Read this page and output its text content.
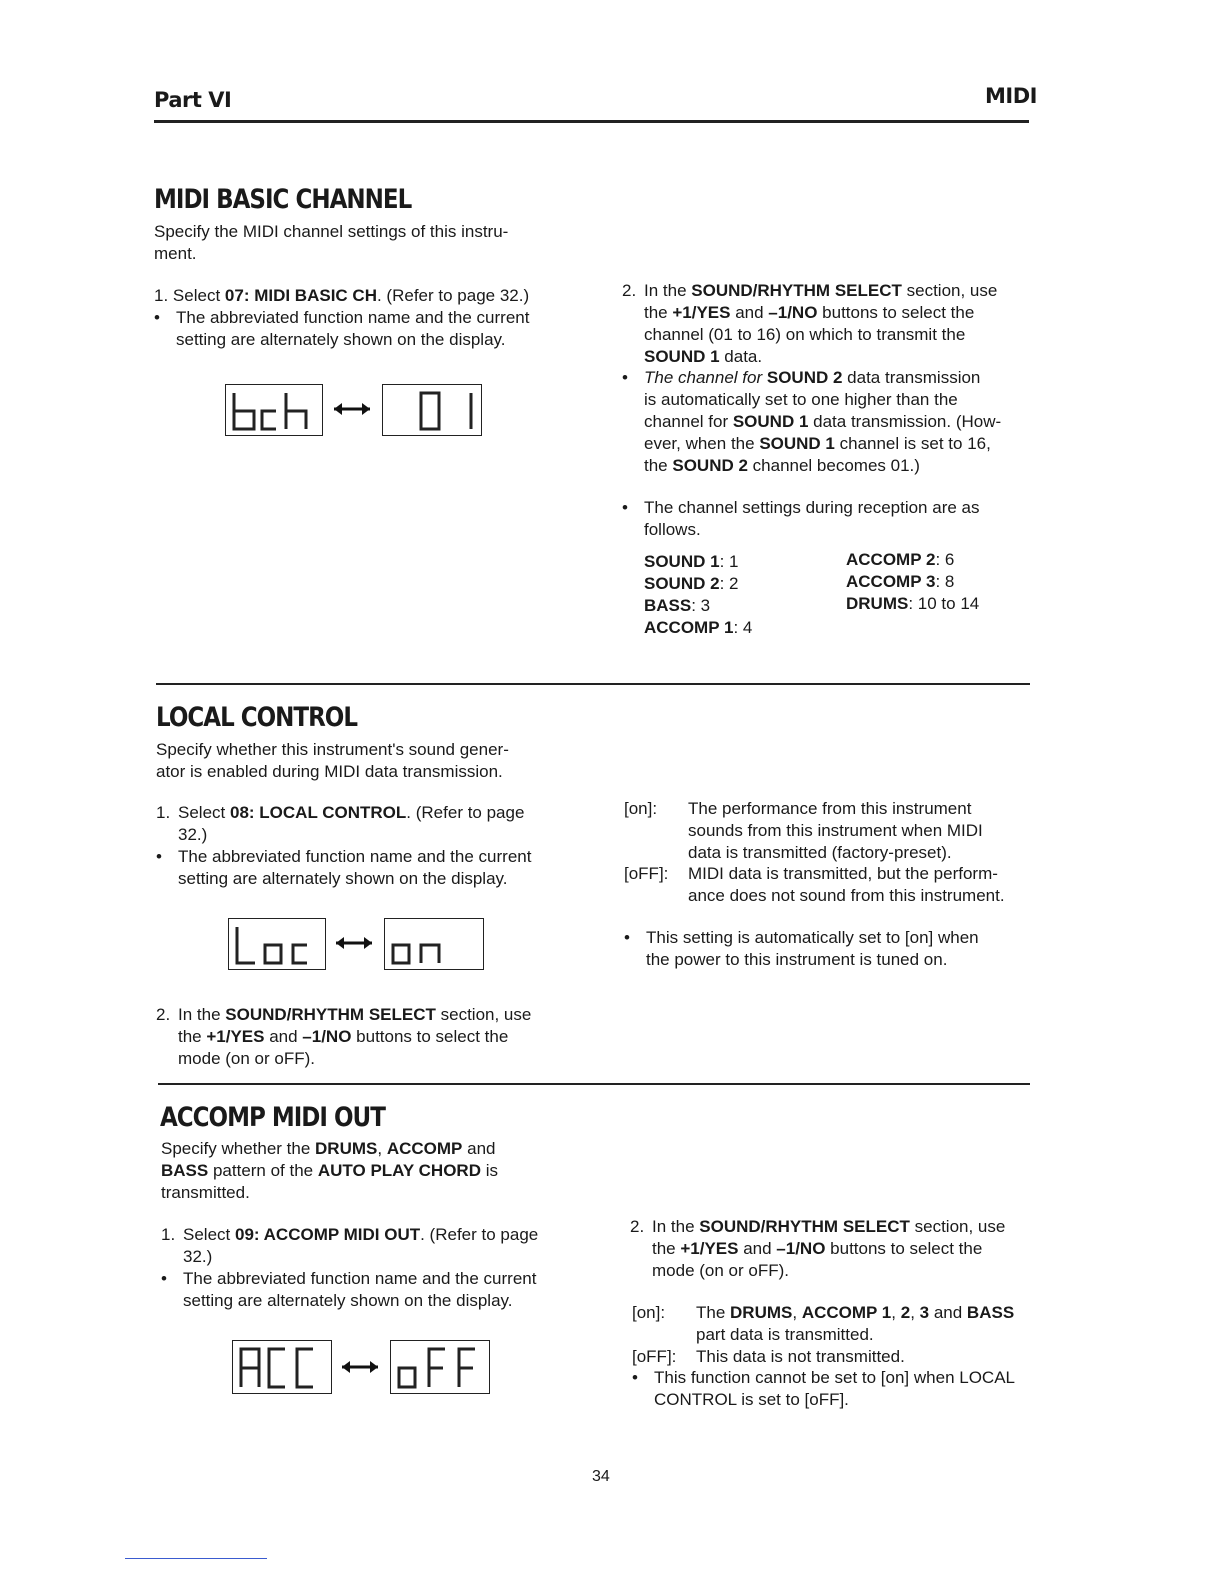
Part VI	MIDI
MIDI BASIC CHANNEL
Specify the MIDI channel settings of this instru-
ment.
1. Select 07: MIDI BASIC CH. (Refer to page 32.)
• The abbreviated function name and the current
setting are alternately shown on the display.
2. In the SOUND/RHYTHM SELECT section, use
the +1/YES and –1/NO buttons to select the
channel (01 to 16) on which to transmit the
SOUND 1 data.
• The channel for SOUND 2 data transmission
is automatically set to one higher than the
channel for SOUND 1 data transmission. (How-
ever, when the SOUND 1 channel is set to 16,
the SOUND 2 channel becomes 01.)
• The channel settings during reception are as
follows.
SOUND 1: 1
SOUND 2: 2
BASS: 3
ACCOMP 1: 4
ACCOMP 2: 6
ACCOMP 3: 8
DRUMS: 10 to 14
LOCAL CONTROL
Specify whether this instrument's sound gener-
ator is enabled during MIDI data transmission.
1. Select 08: LOCAL CONTROL. (Refer to page
32.)
• The abbreviated function name and the current
setting are alternately shown on the display.
2. In the SOUND/RHYTHM SELECT section, use
the +1/YES and –1/NO buttons to select the
mode (on or oFF).
[on]: The performance from this instrument
sounds from this instrument when MIDI
data is transmitted (factory-preset).
[oFF]: MIDI data is transmitted, but the perform-
ance does not sound from this instrument.
• This setting is automatically set to [on] when
the power to this instrument is tuned on.
ACCOMP MIDI OUT
Specify whether the DRUMS, ACCOMP and
BASS pattern of the AUTO PLAY CHORD is
transmitted.
1. Select 09: ACCOMP MIDI OUT. (Refer to page
32.)
• The abbreviated function name and the current
setting are alternately shown on the display.
2. In the SOUND/RHYTHM SELECT section, use
the +1/YES and –1/NO buttons to select the
mode (on or oFF).
[on]: The DRUMS, ACCOMP 1, 2, 3 and BASS
part data is transmitted.
[oFF]: This data is not transmitted.
• This function cannot be set to [on] when LOCAL
CONTROL is set to [oFF].
34
